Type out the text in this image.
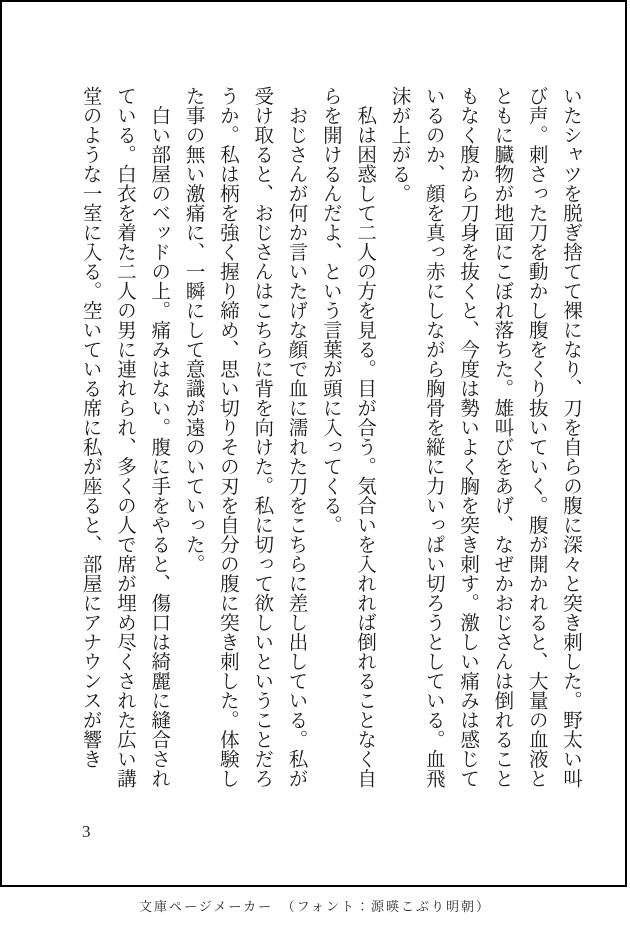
いたシャツを脱ぎ捨てて裸になり、刀を自らの腹に深々と突き刺した。野太い叫

び声。刺さった刀を動かし腹をくり抜いていく。腹が開かれると、大量の血液と

ともに臓物が地面にこぼれ落ちた。雄叫びをあげ、なぜかおじさんは倒れること

もなく腹から刀身を抜くと、今度は勢いよく胸を突き刺す。激しい痛みは感じて

いるのか、顔を真っ赤にしながら胸骨を縦に力いっぱい切ろうとしている。血飛

沫が上がる。

　私は困惑して二人の方を見る。目が合う。気合いを入れれば倒れることなく自

らを開けるんだよ、という言葉が頭に入ってくる。

　おじさんが何か言いたげな顔で血に濡れた刀をこちらに差し出している。私が

受け取ると、おじさんはこちらに背を向けた。私に切って欲しいということだろ

うか。私は柄を強く握り締め、思い切りその刃を自分の腹に突き刺した。体験し

た事の無い激痛に、一瞬にして意識が遠のいていった。

　白い部屋のベッドの上。痛みはない。腹に手をやると、傷口は綺麗に縫合され

ている。白衣を着た二人の男に連れられ、多くの人で席が埋め尽くされた広い講

堂のような一室に入る。空いている席に私が座ると、部屋にアナウンスが響き

3
文庫ページメーカー　（フォント：源暎こぶり明朝）
